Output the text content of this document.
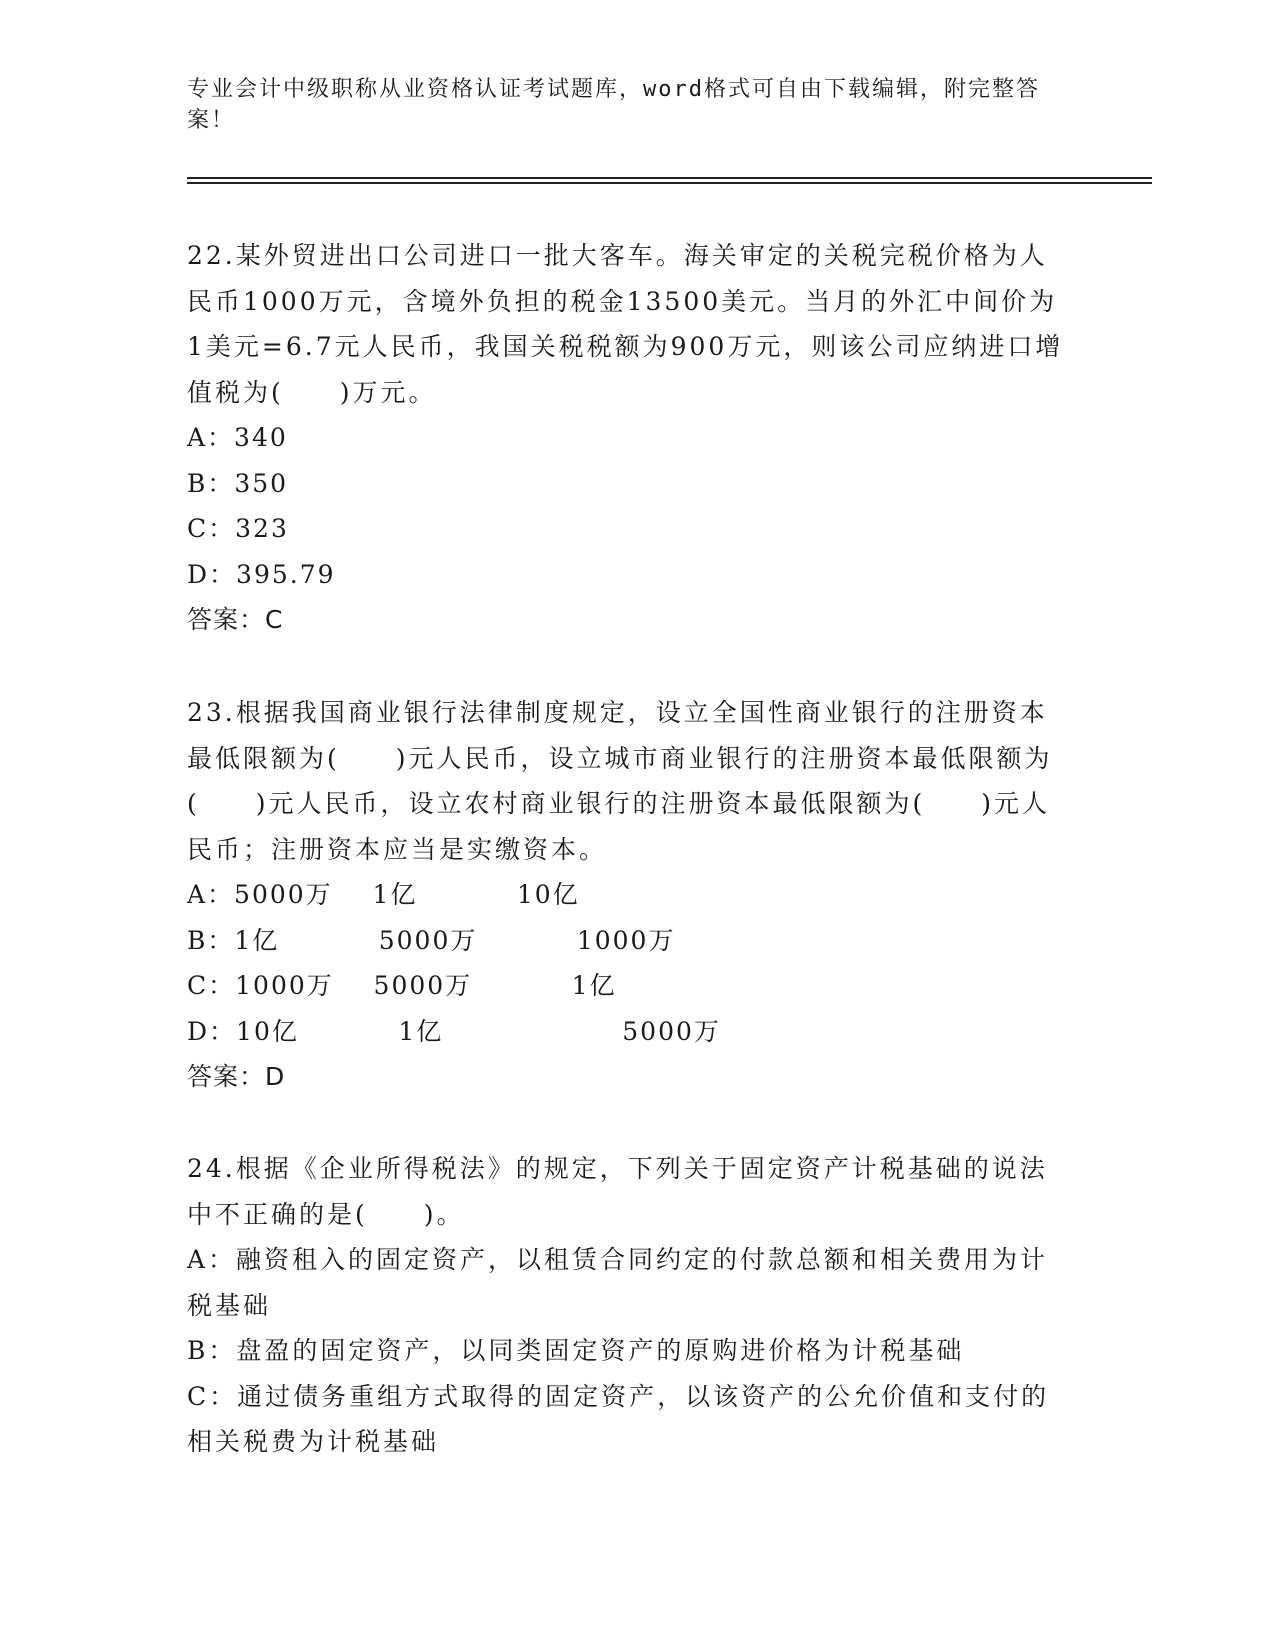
专业会计中级职称从业资格认证考试题库，word格式可自由下载编辑，附完整答案！

22.某外贸进出口公司进口一批大客车。海关审定的关税完税价格为人民币1000万元，含境外负担的税金13500美元。当月的外汇中间价为1美元=6.7元人民币，我国关税税额为900万元，则该公司应纳进口增值税为(　　)万元。

A：340

B：350

C：323

D：395.79

答案：C

23.根据我国商业银行法律制度规定，设立全国性商业银行的注册资本最低限额为(　　)元人民币，设立城市商业银行的注册资本最低限额为(　　)元人民币，设立农村商业银行的注册资本最低限额为(　　)元人民币；注册资本应当是实缴资本。

A：5000万    1亿          10亿

B：1亿          5000万          1000万

C：1000万    5000万          1亿

D：10亿          1亿                  5000万

答案：D

24.根据《企业所得税法》的规定，下列关于固定资产计税基础的说法中不正确的是(　　)。

A：融资租入的固定资产，以租赁合同约定的付款总额和相关费用为计税基础

B：盘盈的固定资产，以同类固定资产的原购进价格为计税基础

C：通过债务重组方式取得的固定资产，以该资产的公允价值和支付的相关税费为计税基础
